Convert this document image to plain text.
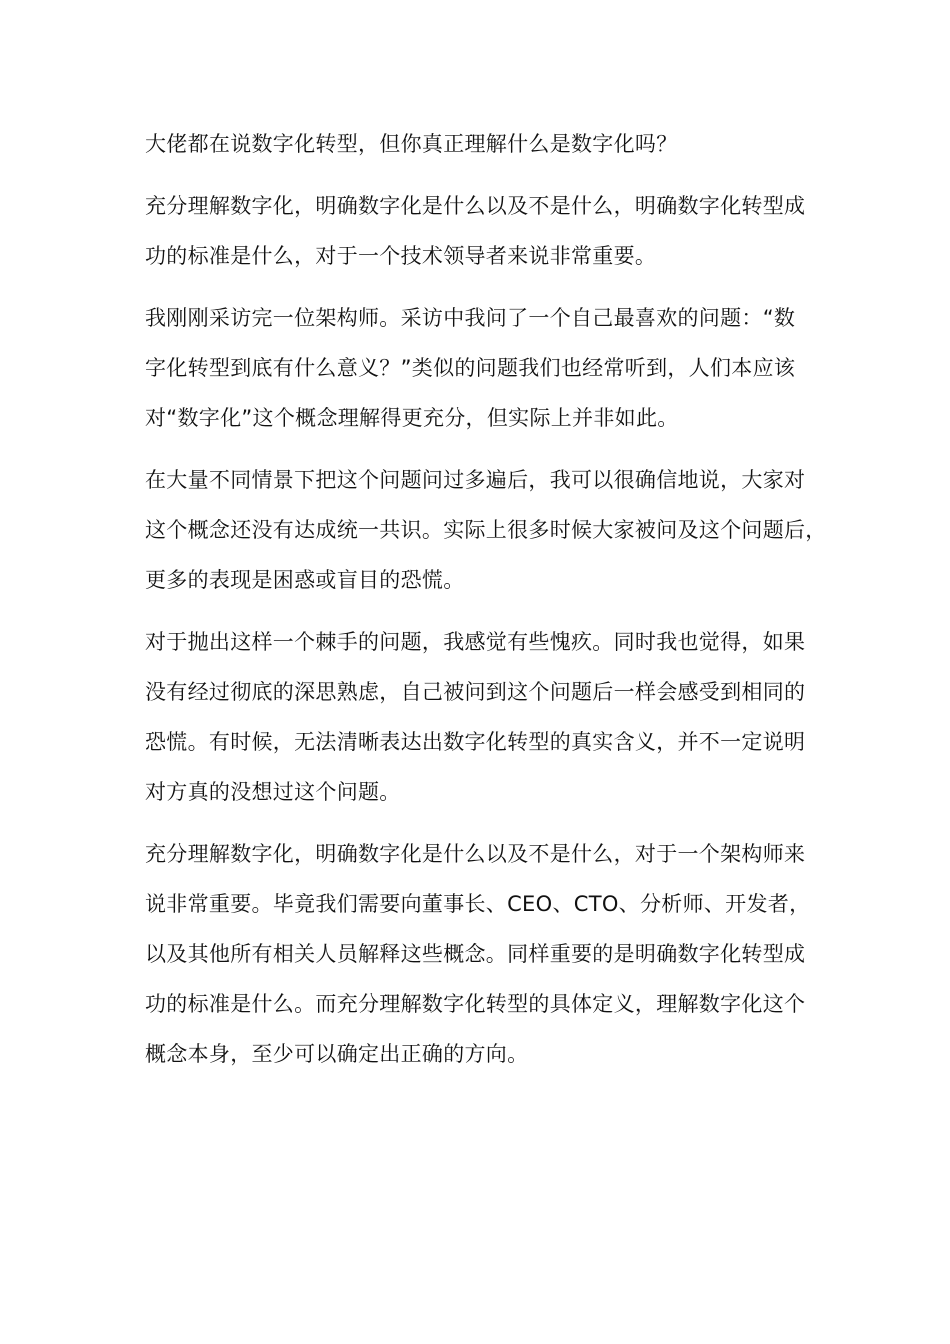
大佬都在说数字化转型，但你真正理解什么是数字化吗？

充分理解数字化，明确数字化是什么以及不是什么，明确数字化转型成
功的标准是什么，对于一个技术领导者来说非常重要。

我刚刚采访完一位架构师。采访中我问了一个自己最喜欢的问题：“数
字化转型到底有什么意义？”类似的问题我们也经常听到，人们本应该
对“数字化”这个概念理解得更充分，但实际上并非如此。

在大量不同情景下把这个问题问过多遍后，我可以很确信地说，大家对
这个概念还没有达成统一共识。实际上很多时候大家被问及这个问题后，
更多的表现是困惑或盲目的恐慌。

对于抛出这样一个棘手的问题，我感觉有些愧疚。同时我也觉得，如果
没有经过彻底的深思熟虑，自己被问到这个问题后一样会感受到相同的
恐慌。有时候，无法清晰表达出数字化转型的真实含义，并不一定说明
对方真的没想过这个问题。

充分理解数字化，明确数字化是什么以及不是什么，对于一个架构师来
说非常重要。毕竟我们需要向董事长、CEO、CTO、分析师、开发者，
以及其他所有相关人员解释这些概念。同样重要的是明确数字化转型成
功的标准是什么。而充分理解数字化转型的具体定义，理解数字化这个
概念本身，至少可以确定出正确的方向。
